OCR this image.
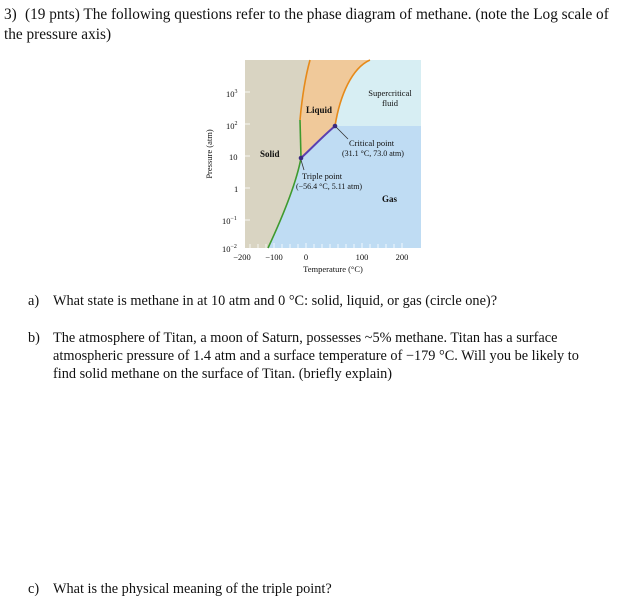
3) (19 pnts) The following questions refer to the phase diagram of methane. (note the Log scale of
the pressure axis)
$10^3$
$10^2$
10
1
$10^{-1}$
$10^{-2}$
−200 −100 0	100	200
Temperature (°C)
Pressure (atm)	Solid
Liquid
Gas
Supercritical
fluid
Critical point
(31.1 °C, 73.0 atm)
Triple point
(−56.4 °C, 5.11 atm)
a) What state is methane in at 10 atm and 0 °C: solid, liquid, or gas (circle one)?
b) The atmosphere of Titan, a moon of Saturn, possesses ~5% methane. Titan has a surface
atmospheric pressure of 1.4 atm and a surface temperature of −179 °C. Will you be likely to
find solid methane on the surface of Titan. (briefly explain)
c) What is the physical meaning of the triple point?
